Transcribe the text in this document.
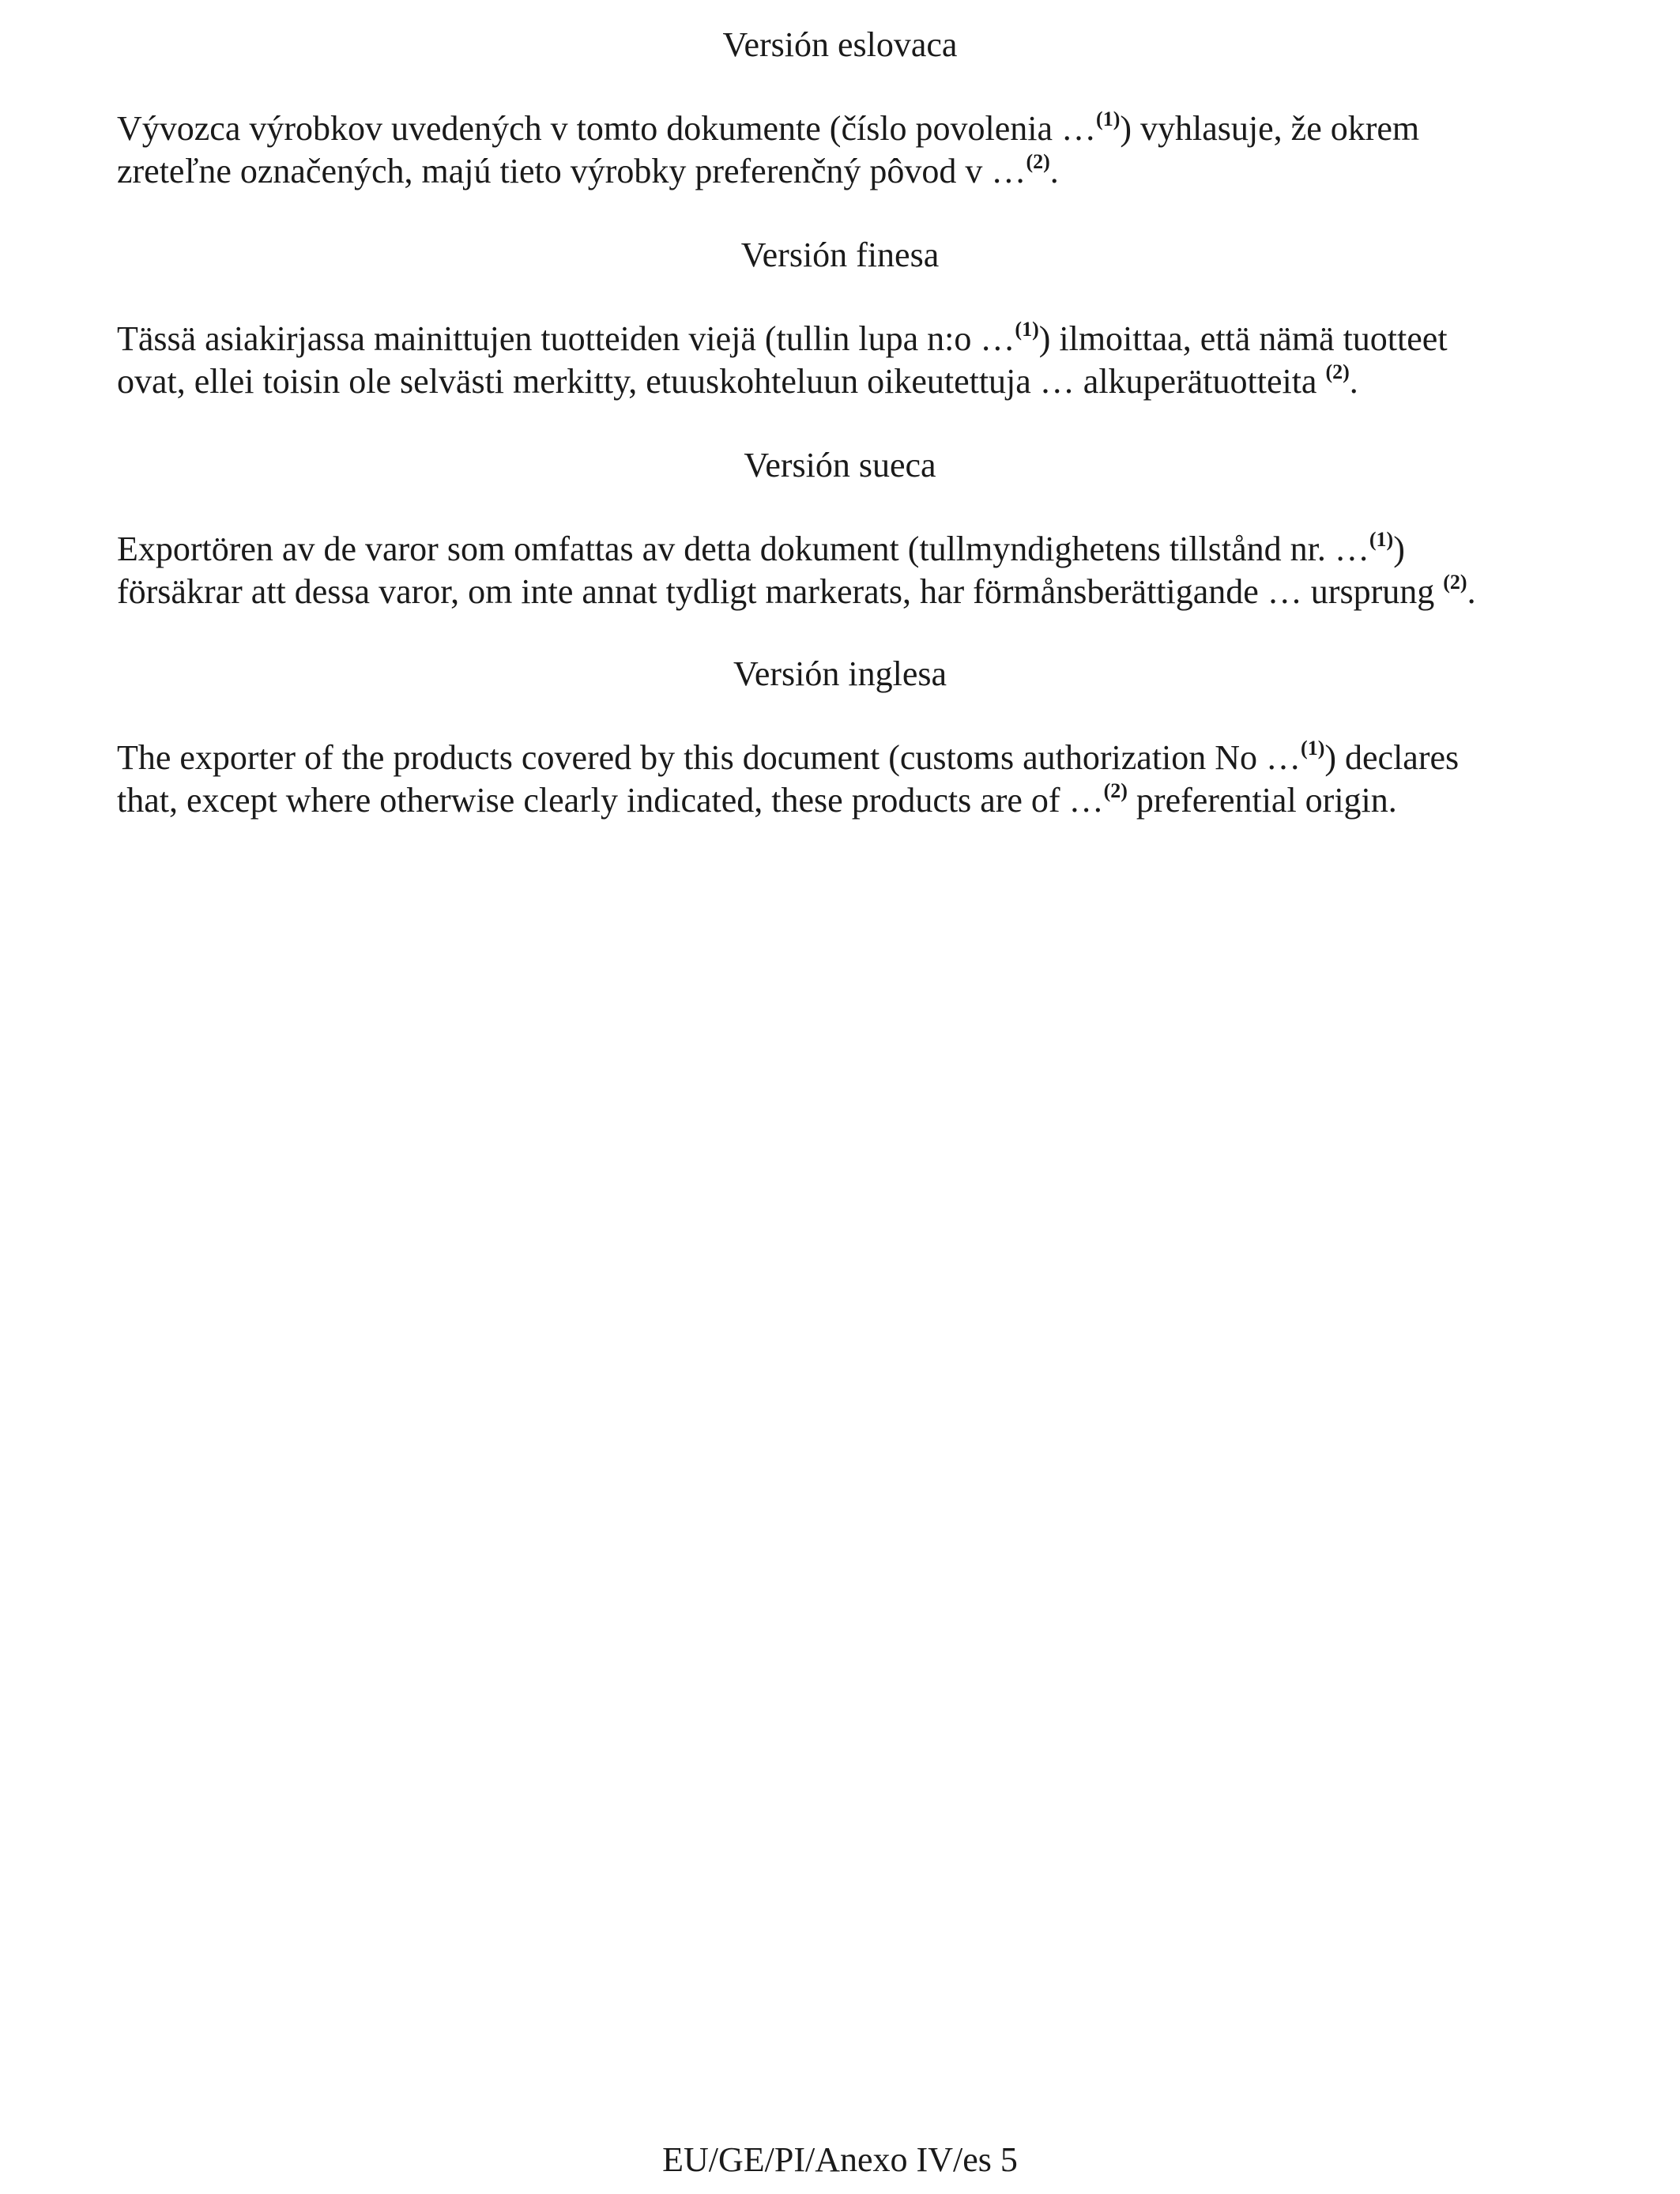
Versión eslovaca
Vývozca výrobkov uvedených v tomto dokumente (číslo povolenia …$^{(1)}$) vyhlasuje, že okrem
zreteľne označených, majú tieto výrobky preferenčný pôvod v …$^{(2)}$.
Versión finesa
Tässä asiakirjassa mainittujen tuotteiden viejä (tullin lupa n:o …$^{(1)}$) ilmoittaa, että nämä tuotteet
ovat, ellei toisin ole selvästi merkitty, etuuskohteluun oikeutettuja … alkuperätuotteita $^{(2)}$.
Versión sueca
Exportören av de varor som omfattas av detta dokument (tullmyndighetens tillstånd nr. …$^{(1)}$)
försäkrar att dessa varor, om inte annat tydligt markerats, har förmånsberättigande … ursprung $^{(2)}$.
Versión inglesa
The exporter of the products covered by this document (customs authorization No …$^{(1)}$) declares
that, except where otherwise clearly indicated, these products are of …$^{(2)}$ preferential origin.
EU/GE/PI/Anexo IV/es 5
